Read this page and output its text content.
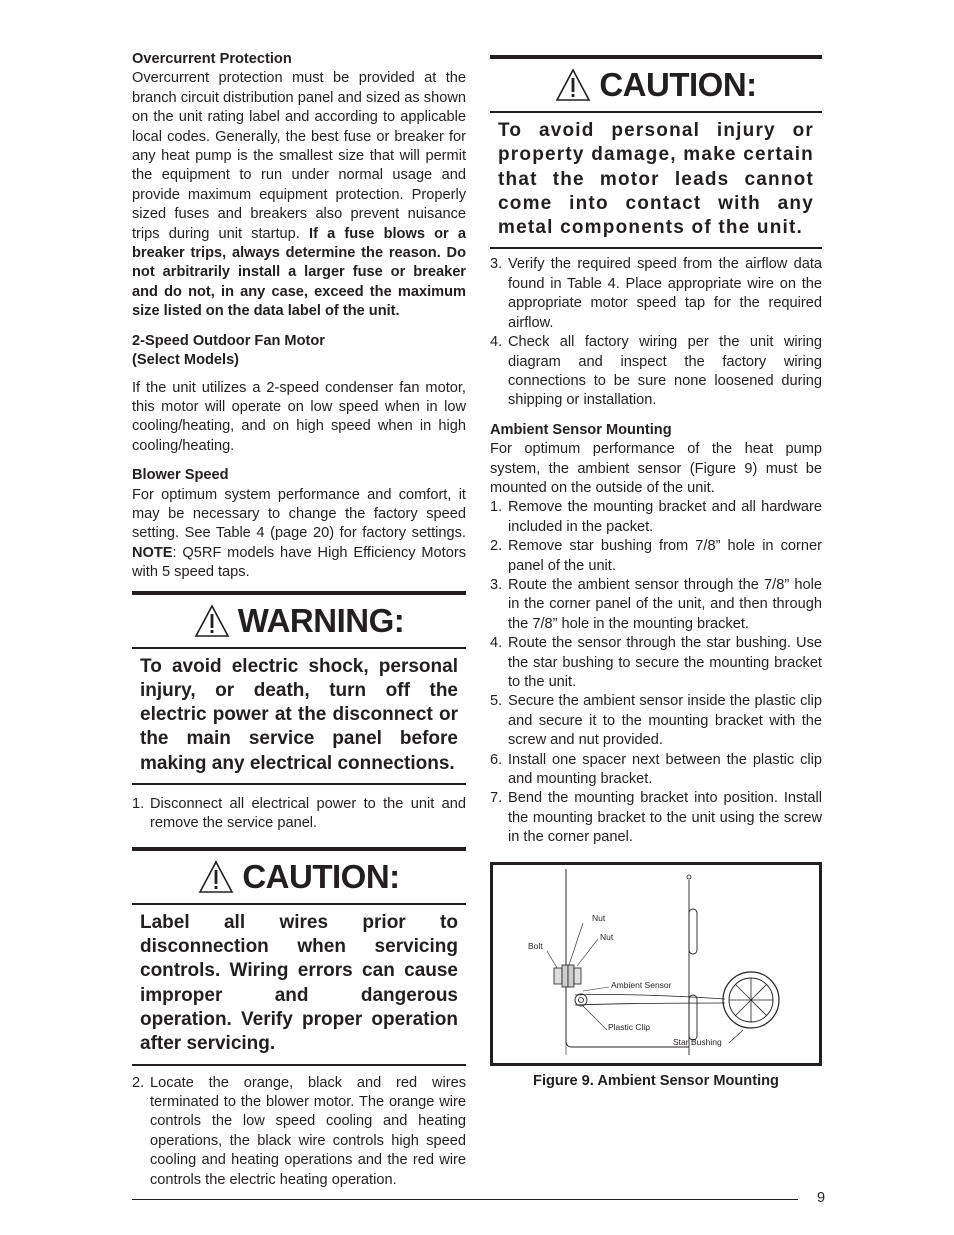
Overcurrent Protection

Overcurrent protection must be provided at the branch circuit distribution panel and sized as shown on the unit rating label and according to applicable local codes. Generally, the best fuse or breaker for any heat pump is the smallest size that will permit the equipment to run under normal usage and provide maximum equipment protection. Properly sized fuses and breakers also prevent nuisance trips during unit startup. If a fuse blows or a breaker trips, always determine the reason. Do not arbitrarily install a larger fuse or breaker and do not, in any case, exceed the maximum size listed on the data label of the unit.

2-Speed Outdoor Fan Motor
(Select Models)

If the unit utilizes a 2-speed condenser fan motor, this motor will operate on low speed when in low cooling/heating, and on high speed when in high cooling/heating.

Blower Speed

For optimum system performance and comfort, it may be necessary to change the factory speed setting. See Table 4 (page 20) for factory settings. NOTE: Q5RF models have High Efficiency Motors with 5 speed taps.

WARNING:
To avoid electric shock, personal injury, or death, turn off the electric power at the disconnect or the main service panel before making any electrical connections.
1. Disconnect all electrical power to the unit and remove the service panel.
CAUTION:
Label all wires prior to disconnection when servicing controls. Wiring errors can cause improper and dangerous operation. Verify proper operation after servicing.
2. Locate the orange, black and red wires terminated to the blower motor. The orange wire controls the low speed cooling and heating operations, the black wire controls high speed cooling and heating operations and the red wire controls the electric heating operation.
CAUTION:
To avoid personal injury or property damage, make certain that the motor leads cannot come into contact with any metal components of the unit.
3. Verify the required speed from the airflow data found in Table 4. Place appropriate wire on the appropriate motor speed tap for the required airflow.
4. Check all factory wiring per the unit wiring diagram and inspect the factory wiring connections to be sure none loosened during shipping or installation.
Ambient Sensor Mounting

For optimum performance of the heat pump system, the ambient sensor (Figure 9) must be mounted on the outside of the unit.

1. Remove the mounting bracket and all hardware included in the packet.
2. Remove star bushing from 7/8” hole in corner panel of the unit.
3. Route the ambient sensor through the 7/8” hole in the corner panel of the unit, and then through the 7/8” hole in the mounting bracket.
4. Route the sensor through the star bushing. Use the star bushing to secure the mounting bracket to the unit.
5. Secure the ambient sensor inside the plastic clip and secure it to the mounting bracket with the screw and nut provided.
6. Install one spacer next between the plastic clip and mounting bracket.
7. Bend the mounting bracket into position. Install the mounting bracket to the unit using the screw in the corner panel.
Nut
Nut
Bolt
Ambient Sensor
Plastic Clip
Star Bushing
Figure 9. Ambient Sensor Mounting
9
